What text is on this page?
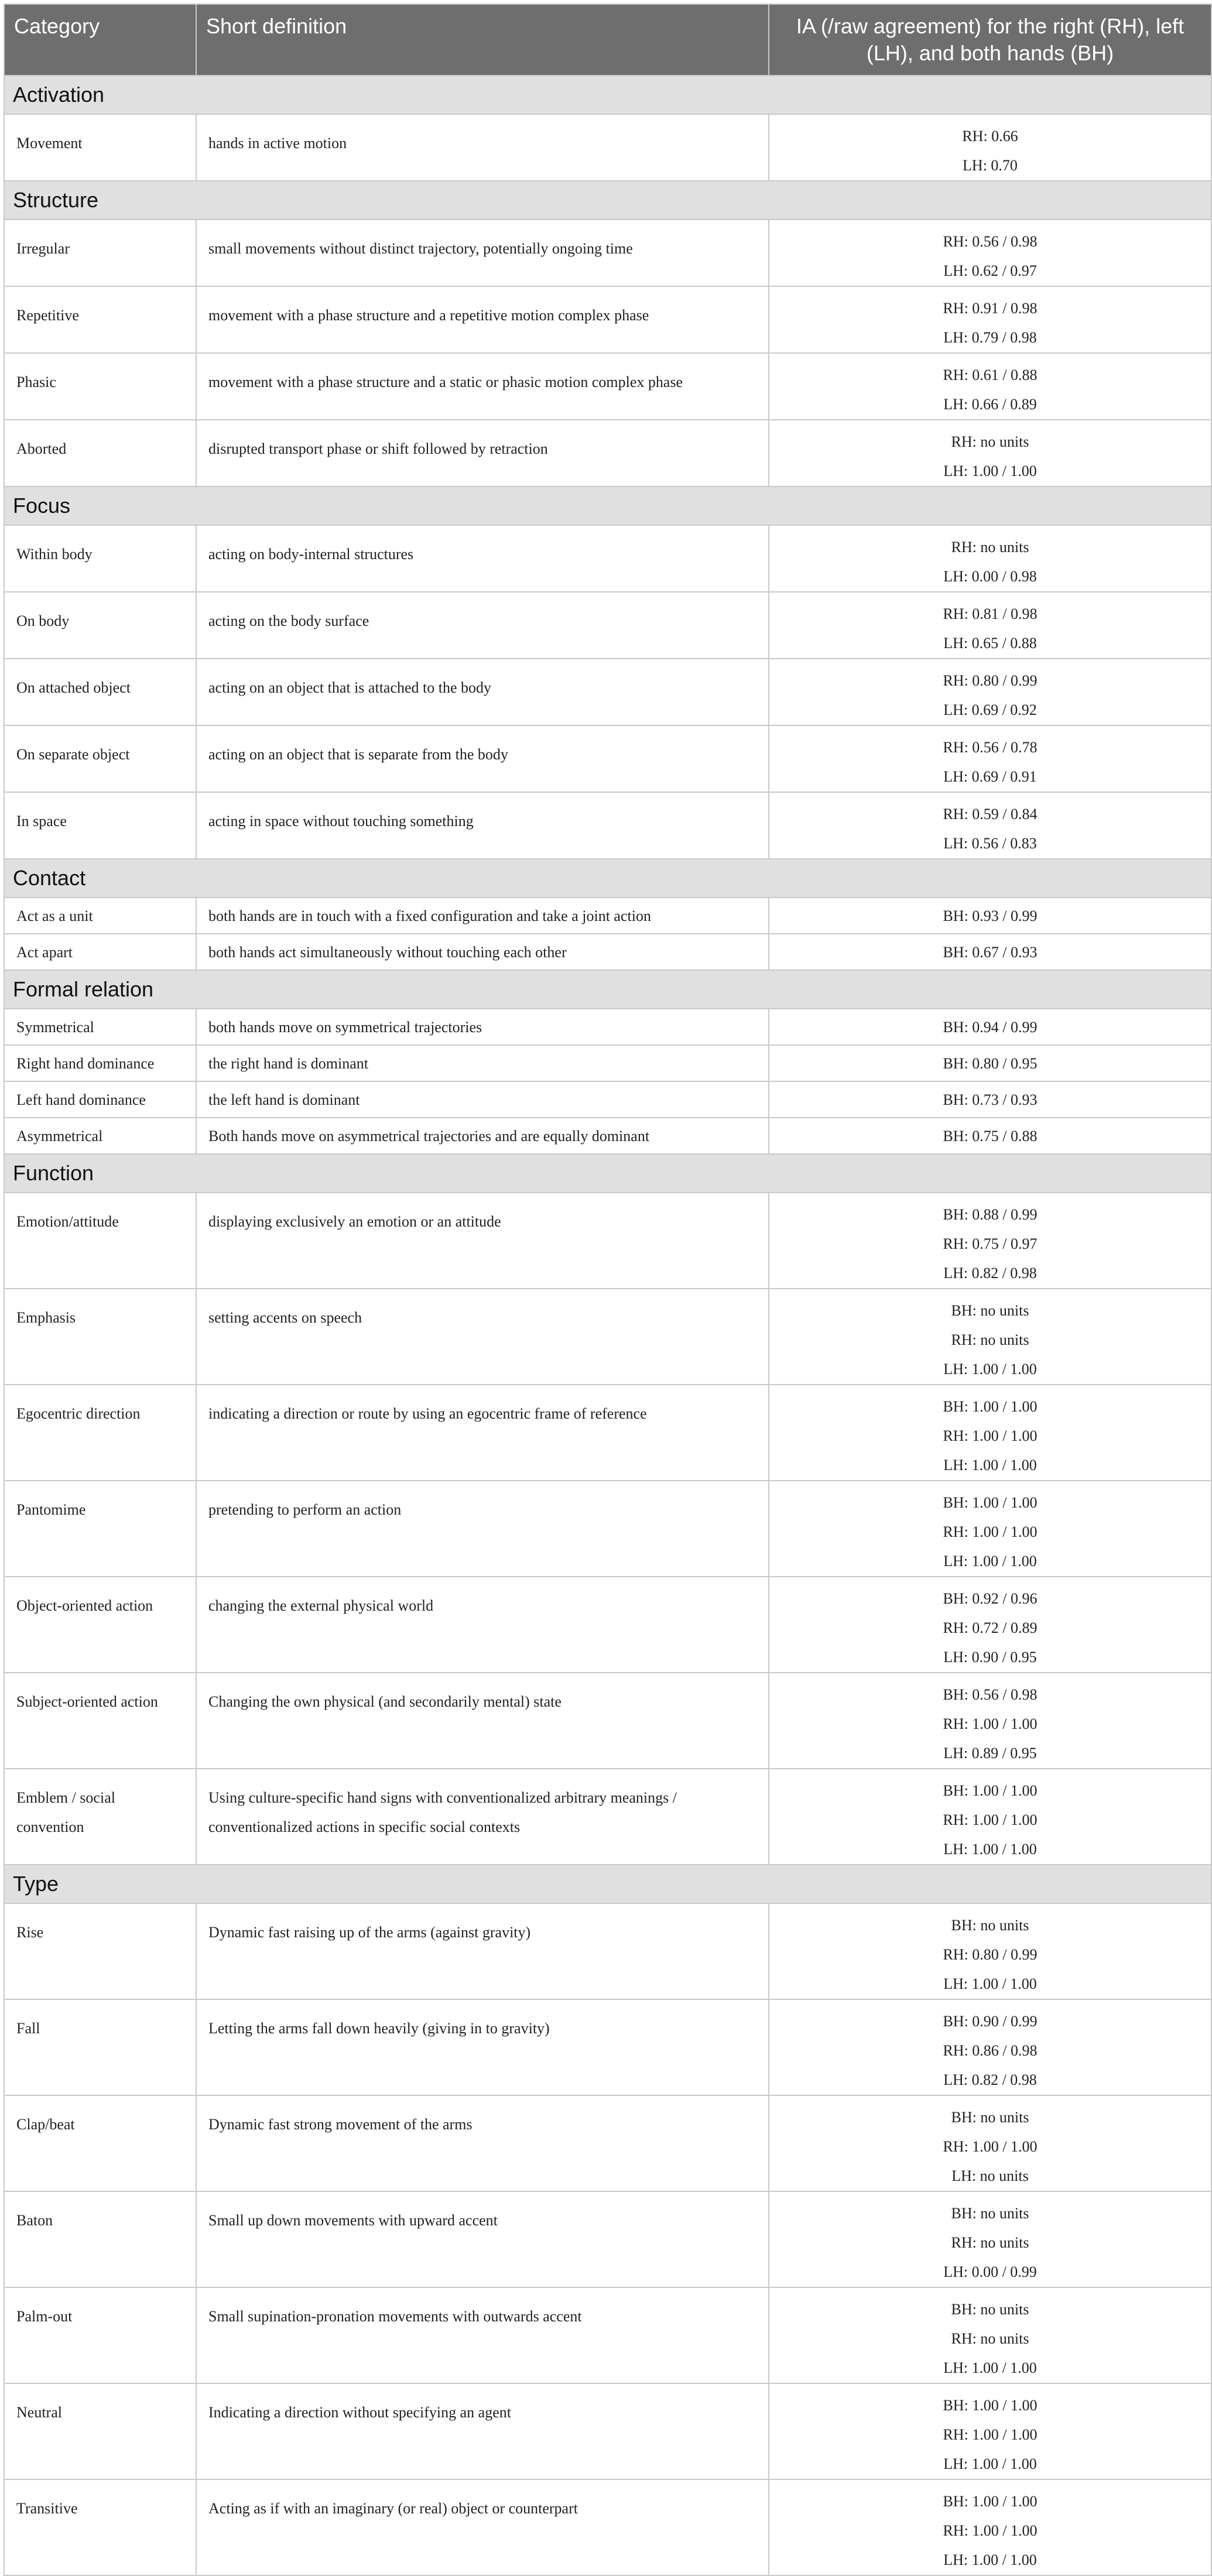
Category	Short definition	IA (/raw agreement) for the right (RH), left (LH), and both hands (BH)
Activation		
Movement	hands in active motion	RH: 0.66
LH: 0.70

Structure		
Irregular	small movements without distinct trajectory, potentially ongoing time	RH: 0.56 / 0.98
LH: 0.62 / 0.97

Repetitive	movement with a phase structure and a repetitive motion complex phase	RH: 0.91 / 0.98
LH: 0.79 / 0.98

Phasic	movement with a phase structure and a static or phasic motion complex phase	RH: 0.61 / 0.88
LH: 0.66 / 0.89

Aborted	disrupted transport phase or shift followed by retraction	RH: no units
LH: 1.00 / 1.00

Focus		
Within body	acting on body-internal structures	RH: no units
LH: 0.00 / 0.98

On body	acting on the body surface	RH: 0.81 / 0.98
LH: 0.65 / 0.88

On attached object	acting on an object that is attached to the body	RH: 0.80 / 0.99
LH: 0.69 / 0.92

On separate object	acting on an object that is separate from the body	RH: 0.56 / 0.78
LH: 0.69 / 0.91

In space	acting in space without touching something	RH: 0.59 / 0.84
LH: 0.56 / 0.83

Contact		
Act as a unit	both hands are in touch with a fixed configuration and take a joint action	BH: 0.93 / 0.99

Act apart	both hands act simultaneously without touching each other	BH: 0.67 / 0.93

Formal relation		
Symmetrical	both hands move on symmetrical trajectories	BH: 0.94 / 0.99

Right hand dominance	the right hand is dominant	BH: 0.80 / 0.95

Left hand dominance	the left hand is dominant	BH: 0.73 / 0.93

Asymmetrical	Both hands move on asymmetrical trajectories and are equally dominant	BH: 0.75 / 0.88

Function		
Emotion/attitude	displaying exclusively an emotion or an attitude	BH: 0.88 / 0.99
RH: 0.75 / 0.97
LH: 0.82 / 0.98

Emphasis	setting accents on speech	BH: no units
RH: no units
LH: 1.00 / 1.00

Egocentric direction	indicating a direction or route by using an egocentric frame of reference	BH: 1.00 / 1.00
RH: 1.00 / 1.00
LH: 1.00 / 1.00

Pantomime	pretending to perform an action	BH: 1.00 / 1.00
RH: 1.00 / 1.00
LH: 1.00 / 1.00

Object-oriented action	changing the external physical world	BH: 0.92 / 0.96
RH: 0.72 / 0.89
LH: 0.90 / 0.95

Subject-oriented action	Changing the own physical (and secondarily mental) state	BH: 0.56 / 0.98
RH: 1.00 / 1.00
LH: 0.89 / 0.95

Emblem / social convention	Using culture-specific hand signs with conventionalized arbitrary meanings / conventionalized actions in specific social contexts	BH: 1.00 / 1.00
RH: 1.00 / 1.00
LH: 1.00 / 1.00

Type		
Rise	Dynamic fast raising up of the arms (against gravity)	BH: no units
RH: 0.80 / 0.99
LH: 1.00 / 1.00

Fall	Letting the arms fall down heavily (giving in to gravity)	BH: 0.90 / 0.99
RH: 0.86 / 0.98
LH: 0.82 / 0.98

Clap/beat	Dynamic fast strong movement of the arms	BH: no units
RH: 1.00 / 1.00
LH: no units

Baton	Small up down movements with upward accent	BH: no units
RH: no units
LH: 0.00 / 0.99

Palm-out	Small supination-pronation movements with outwards accent	BH: no units
RH: no units
LH: 1.00 / 1.00

Neutral	Indicating a direction without specifying an agent	BH: 1.00 / 1.00
RH: 1.00 / 1.00
LH: 1.00 / 1.00

Transitive	Acting as if with an imaginary (or real) object or counterpart	BH: 1.00 / 1.00
RH: 1.00 / 1.00
LH: 1.00 / 1.00
